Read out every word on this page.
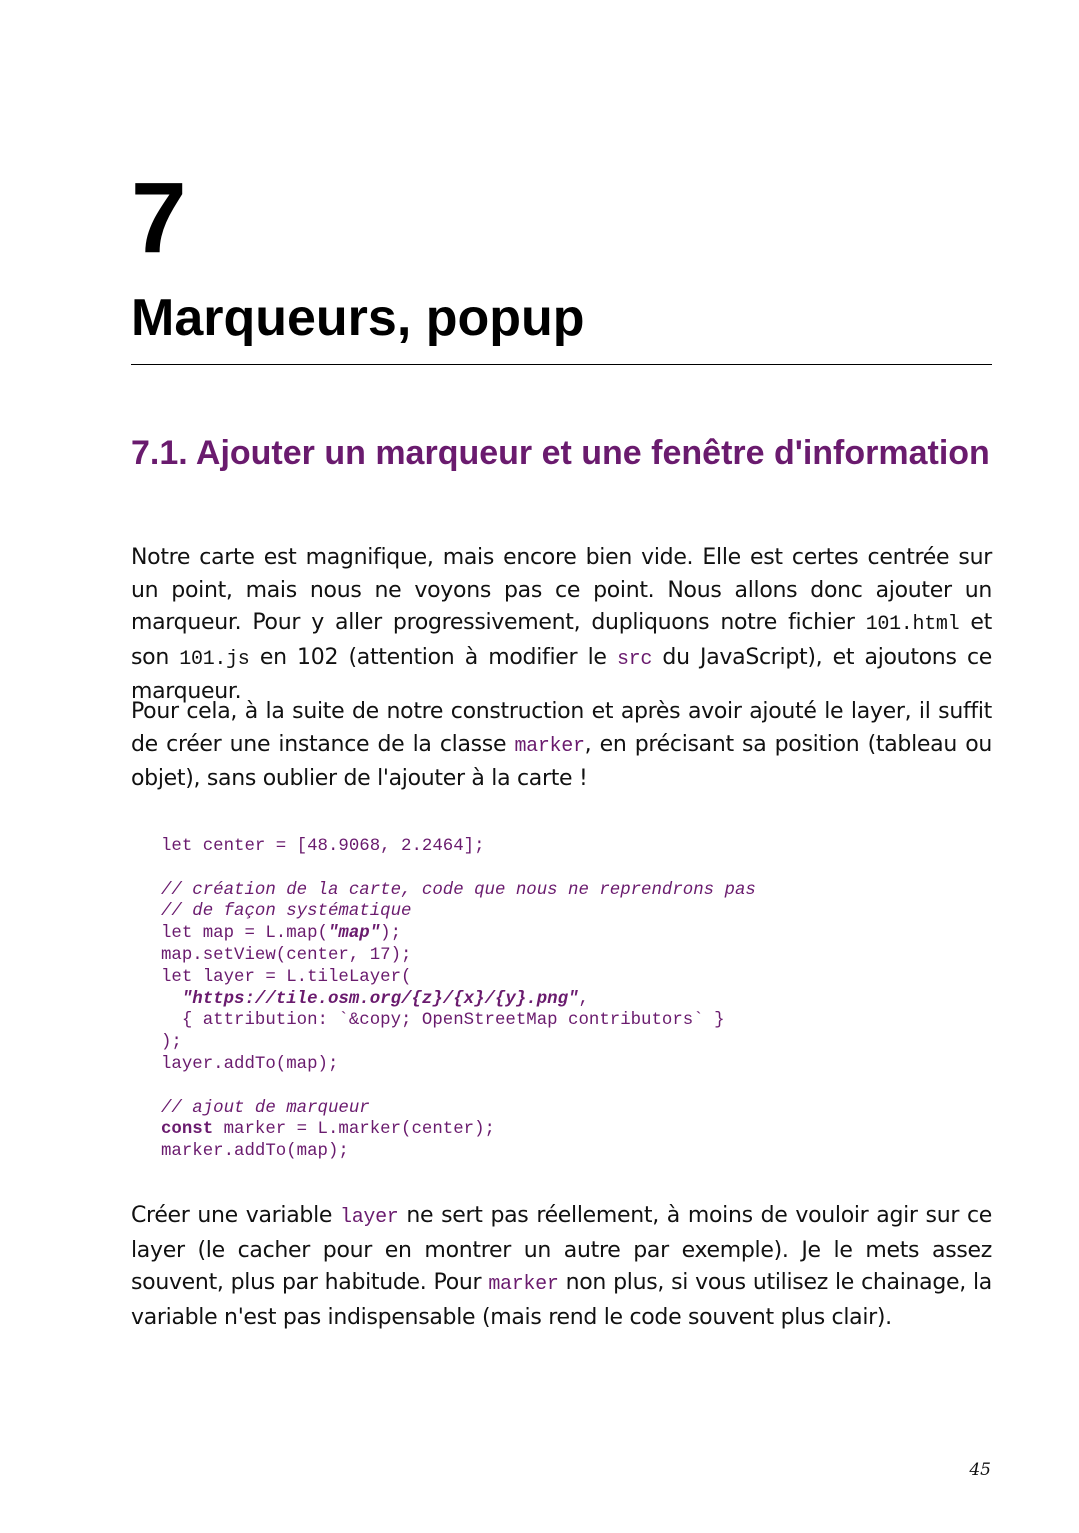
7
Marqueurs, popup
7.1. Ajouter un marqueur et une fenêtre d'information

Notre carte est magnifique, mais encore bien vide. Elle est certes centrée sur un point, mais nous ne voyons pas ce point. Nous allons donc ajouter un marqueur. Pour y aller progressivement, dupliquons notre fichier 101.html et son 101.js en 102 (attention à modifier le src du JavaScript), et ajoutons ce marqueur.

Pour cela, à la suite de notre construction et après avoir ajouté le layer, il suffit de créer une instance de la classe marker, en précisant sa position (tableau ou objet), sans oublier de l'ajouter à la carte !

let center = [48.9068, 2.2464];
// création de la carte, code que nous ne reprendrons pas
// de façon systématique
let map = L.map("map");
map.setView(center, 17);
let layer = L.tileLayer(
"https://tile.osm.org/{z}/{x}/{y}.png",
{ attribution: `&copy; OpenStreetMap contributors` }
);
layer.addTo(map);
// ajout de marqueur
const marker = L.marker(center);
marker.addTo(map);

Créer une variable layer ne sert pas réellement, à moins de vouloir agir sur ce layer (le cacher pour en montrer un autre par exemple). Je le mets assez souvent, plus par habitude. Pour marker non plus, si vous utilisez le chainage, la variable n'est pas indispensable (mais rend le code souvent plus clair).

45
